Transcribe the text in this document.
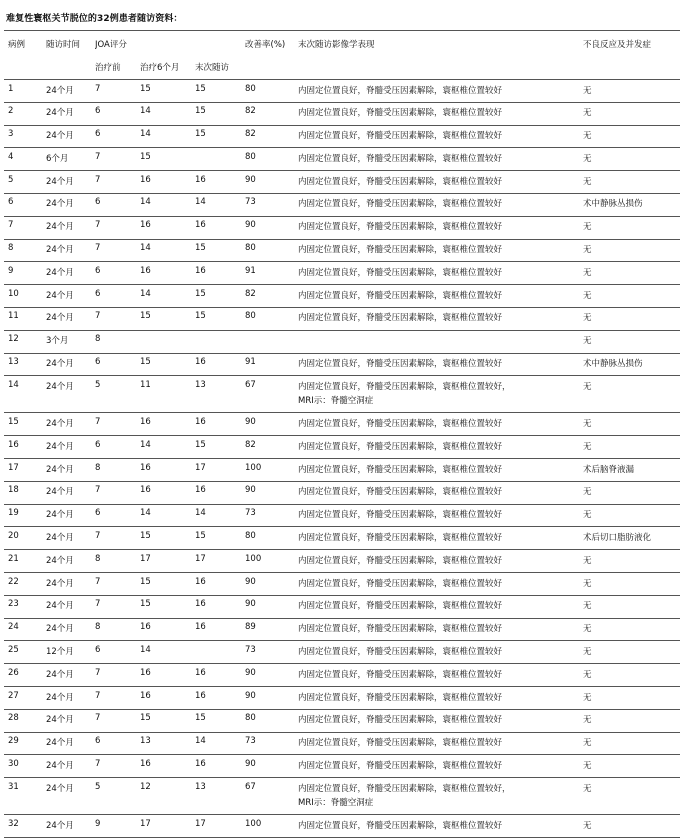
难复性寰枢关节脱位的32例患者随访资料：
病例	随访时间	JOA评分			改善率(%)	末次随访影像学表现	不良反应及并发症
		治疗前	治疗6个月	末次随访			
1	24个月	7	15	15	80	内固定位置良好，脊髓受压因素解除，寰枢椎位置较好	无
2	24个月	6	14	15	82	内固定位置良好，脊髓受压因素解除，寰枢椎位置较好	无
3	24个月	6	14	15	82	内固定位置良好，脊髓受压因素解除，寰枢椎位置较好	无
4	6个月	7	15		80	内固定位置良好，脊髓受压因素解除，寰枢椎位置较好	无
5	24个月	7	16	16	90	内固定位置良好，脊髓受压因素解除，寰枢椎位置较好	无
6	24个月	6	14	14	73	内固定位置良好，脊髓受压因素解除，寰枢椎位置较好	术中静脉丛损伤
7	24个月	7	16	16	90	内固定位置良好，脊髓受压因素解除，寰枢椎位置较好	无
8	24个月	7	14	15	80	内固定位置良好，脊髓受压因素解除，寰枢椎位置较好	无
9	24个月	6	16	16	91	内固定位置良好，脊髓受压因素解除，寰枢椎位置较好	无
10	24个月	6	14	15	82	内固定位置良好，脊髓受压因素解除，寰枢椎位置较好	无
11	24个月	7	15	15	80	内固定位置良好，脊髓受压因素解除，寰枢椎位置较好	无
12	3个月	8					无
13	24个月	6	15	16	91	内固定位置良好，脊髓受压因素解除，寰枢椎位置较好	术中静脉丛损伤
14	24个月	5	11	13	67	内固定位置良好，脊髓受压因素解除，寰枢椎位置较好，
MRI示：脊髓空洞症	无
15	24个月	7	16	16	90	内固定位置良好，脊髓受压因素解除，寰枢椎位置较好	无
16	24个月	6	14	15	82	内固定位置良好，脊髓受压因素解除，寰枢椎位置较好	无
17	24个月	8	16	17	100	内固定位置良好，脊髓受压因素解除，寰枢椎位置较好	术后脑脊液漏
18	24个月	7	16	16	90	内固定位置良好，脊髓受压因素解除，寰枢椎位置较好	无
19	24个月	6	14	14	73	内固定位置良好，脊髓受压因素解除，寰枢椎位置较好	无
20	24个月	7	15	15	80	内固定位置良好，脊髓受压因素解除，寰枢椎位置较好	术后切口脂肪液化
21	24个月	8	17	17	100	内固定位置良好，脊髓受压因素解除，寰枢椎位置较好	无
22	24个月	7	15	16	90	内固定位置良好，脊髓受压因素解除，寰枢椎位置较好	无
23	24个月	7	15	16	90	内固定位置良好，脊髓受压因素解除，寰枢椎位置较好	无
24	24个月	8	16	16	89	内固定位置良好，脊髓受压因素解除，寰枢椎位置较好	无
25	12个月	6	14		73	内固定位置良好，脊髓受压因素解除，寰枢椎位置较好	无
26	24个月	7	16	16	90	内固定位置良好，脊髓受压因素解除，寰枢椎位置较好	无
27	24个月	7	16	16	90	内固定位置良好，脊髓受压因素解除，寰枢椎位置较好	无
28	24个月	7	15	15	80	内固定位置良好，脊髓受压因素解除，寰枢椎位置较好	无
29	24个月	6	13	14	73	内固定位置良好，脊髓受压因素解除，寰枢椎位置较好	无
30	24个月	7	16	16	90	内固定位置良好，脊髓受压因素解除，寰枢椎位置较好	无
31	24个月	5	12	13	67	内固定位置良好，脊髓受压因素解除，寰枢椎位置较好，
MRI示：脊髓空洞症	无
32	24个月	9	17	17	100	内固定位置良好，脊髓受压因素解除，寰枢椎位置较好	无
